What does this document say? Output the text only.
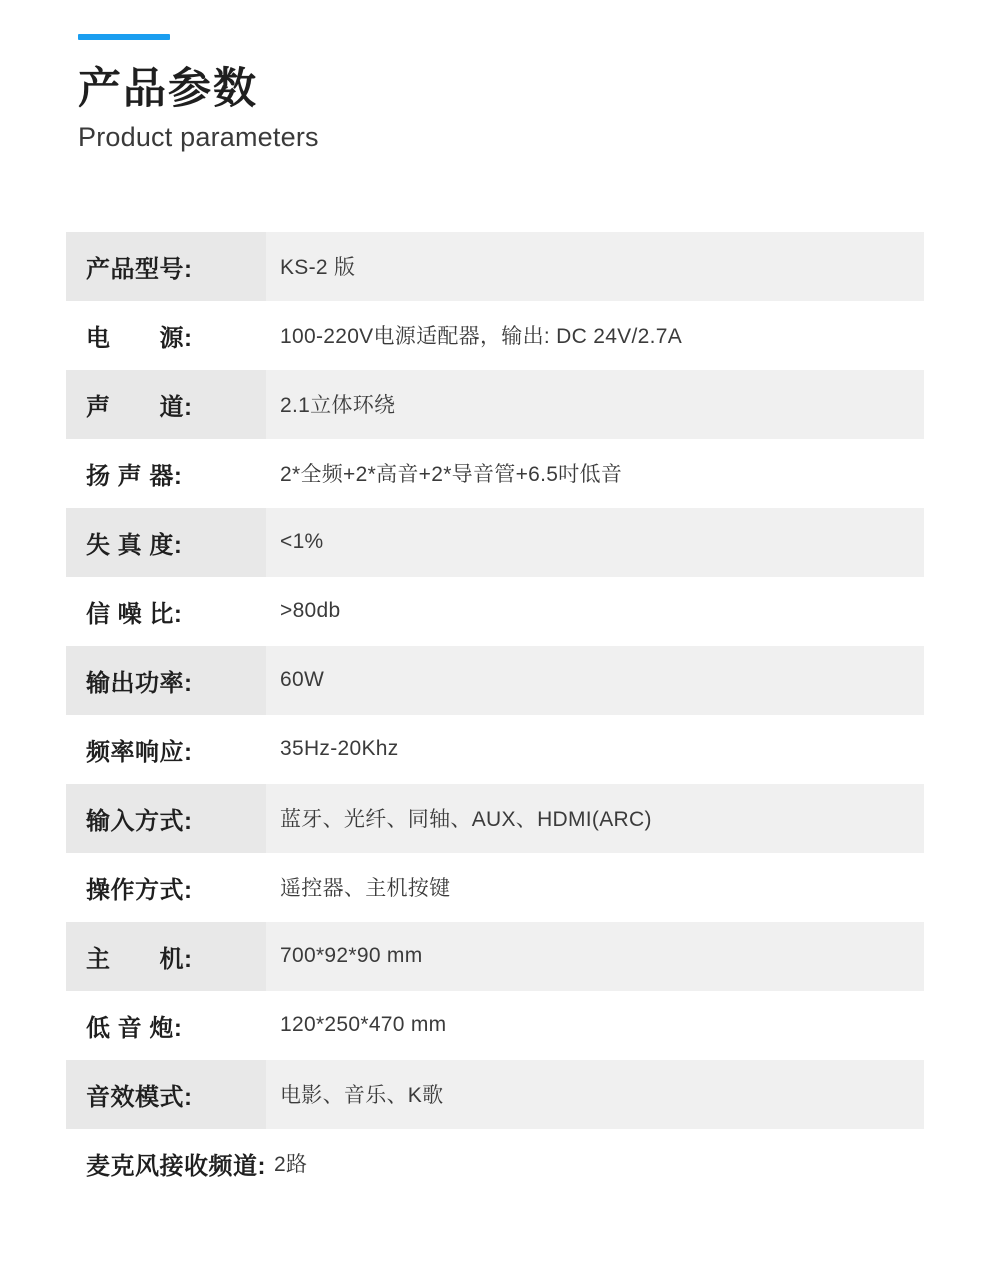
产品参数
Product parameters
产品型号:	KS-2 版
电　　源:	100-220V电源适配器，输出: DC 24V/2.7A
声　　道:	2.1立体环绕
扬 声 器:	2*全频+2*高音+2*导音管+6.5吋低音
失 真 度:	<1%
信 噪 比:	>80db
输出功率:	60W
频率响应:	35Hz-20Khz
输入方式:	蓝牙、光纤、同轴、AUX、HDMI(ARC)
操作方式:	遥控器、主机按键
主　　机:	700*92*90 mm
低 音 炮:	120*250*470 mm
音效模式:	电影、音乐、K歌
麦克风接收频道: 2路
